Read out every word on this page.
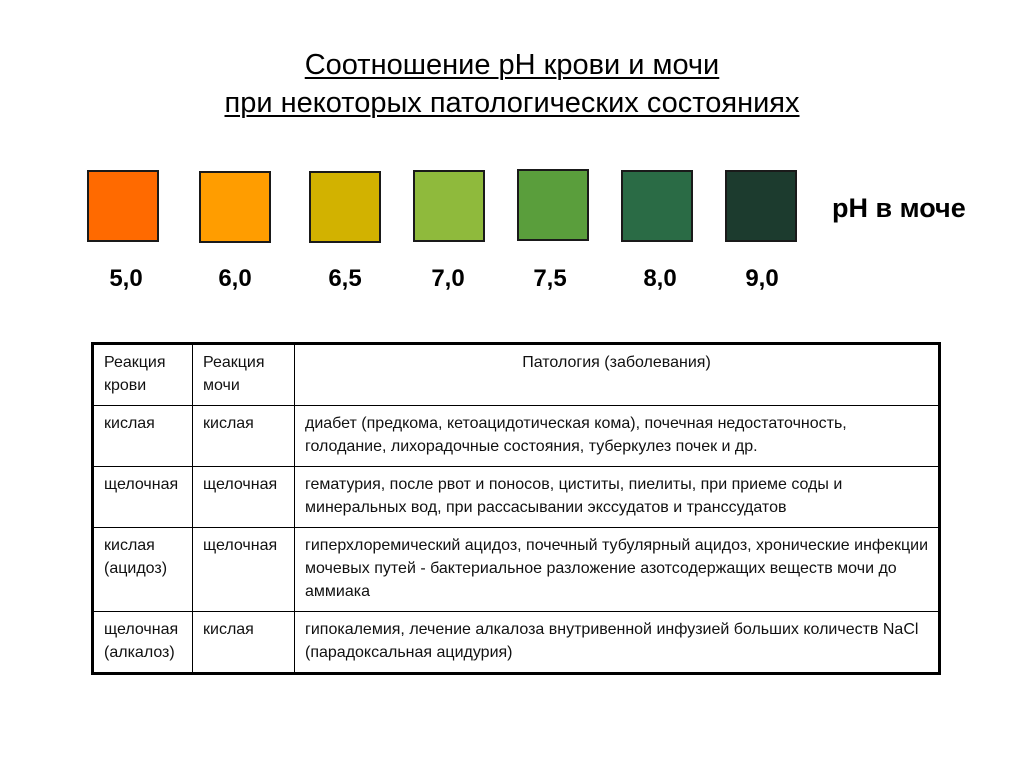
Соотношение pH крови и мочи
при некоторых патологических состояниях
pH в моче
5,0	6,0	6,5	7,0	7,5	8,0	9,0
Реакция крови	Реакция мочи	Патология (заболевания)
кислая	кислая	диабет (предкома, кетоацидотическая кома), почечная недостаточность, голодание, лихорадочные состояния, туберкулез почек и др.
щелочная	щелочная	гематурия, после рвот и поносов, циститы, пиелиты, при приеме соды и минеральных вод, при рассасывании экссудатов и транссудатов
кислая (ацидоз)	щелочная	гиперхлоремический ацидоз, почечный тубулярный ацидоз, хронические инфекции мочевых путей - бактериальное разложение азотсодержащих веществ мочи до аммиака
щелочная (алкалоз)	кислая	гипокалемия, лечение алкалоза внутривенной инфузией больших количеств NaCl (парадоксальная ацидурия)
